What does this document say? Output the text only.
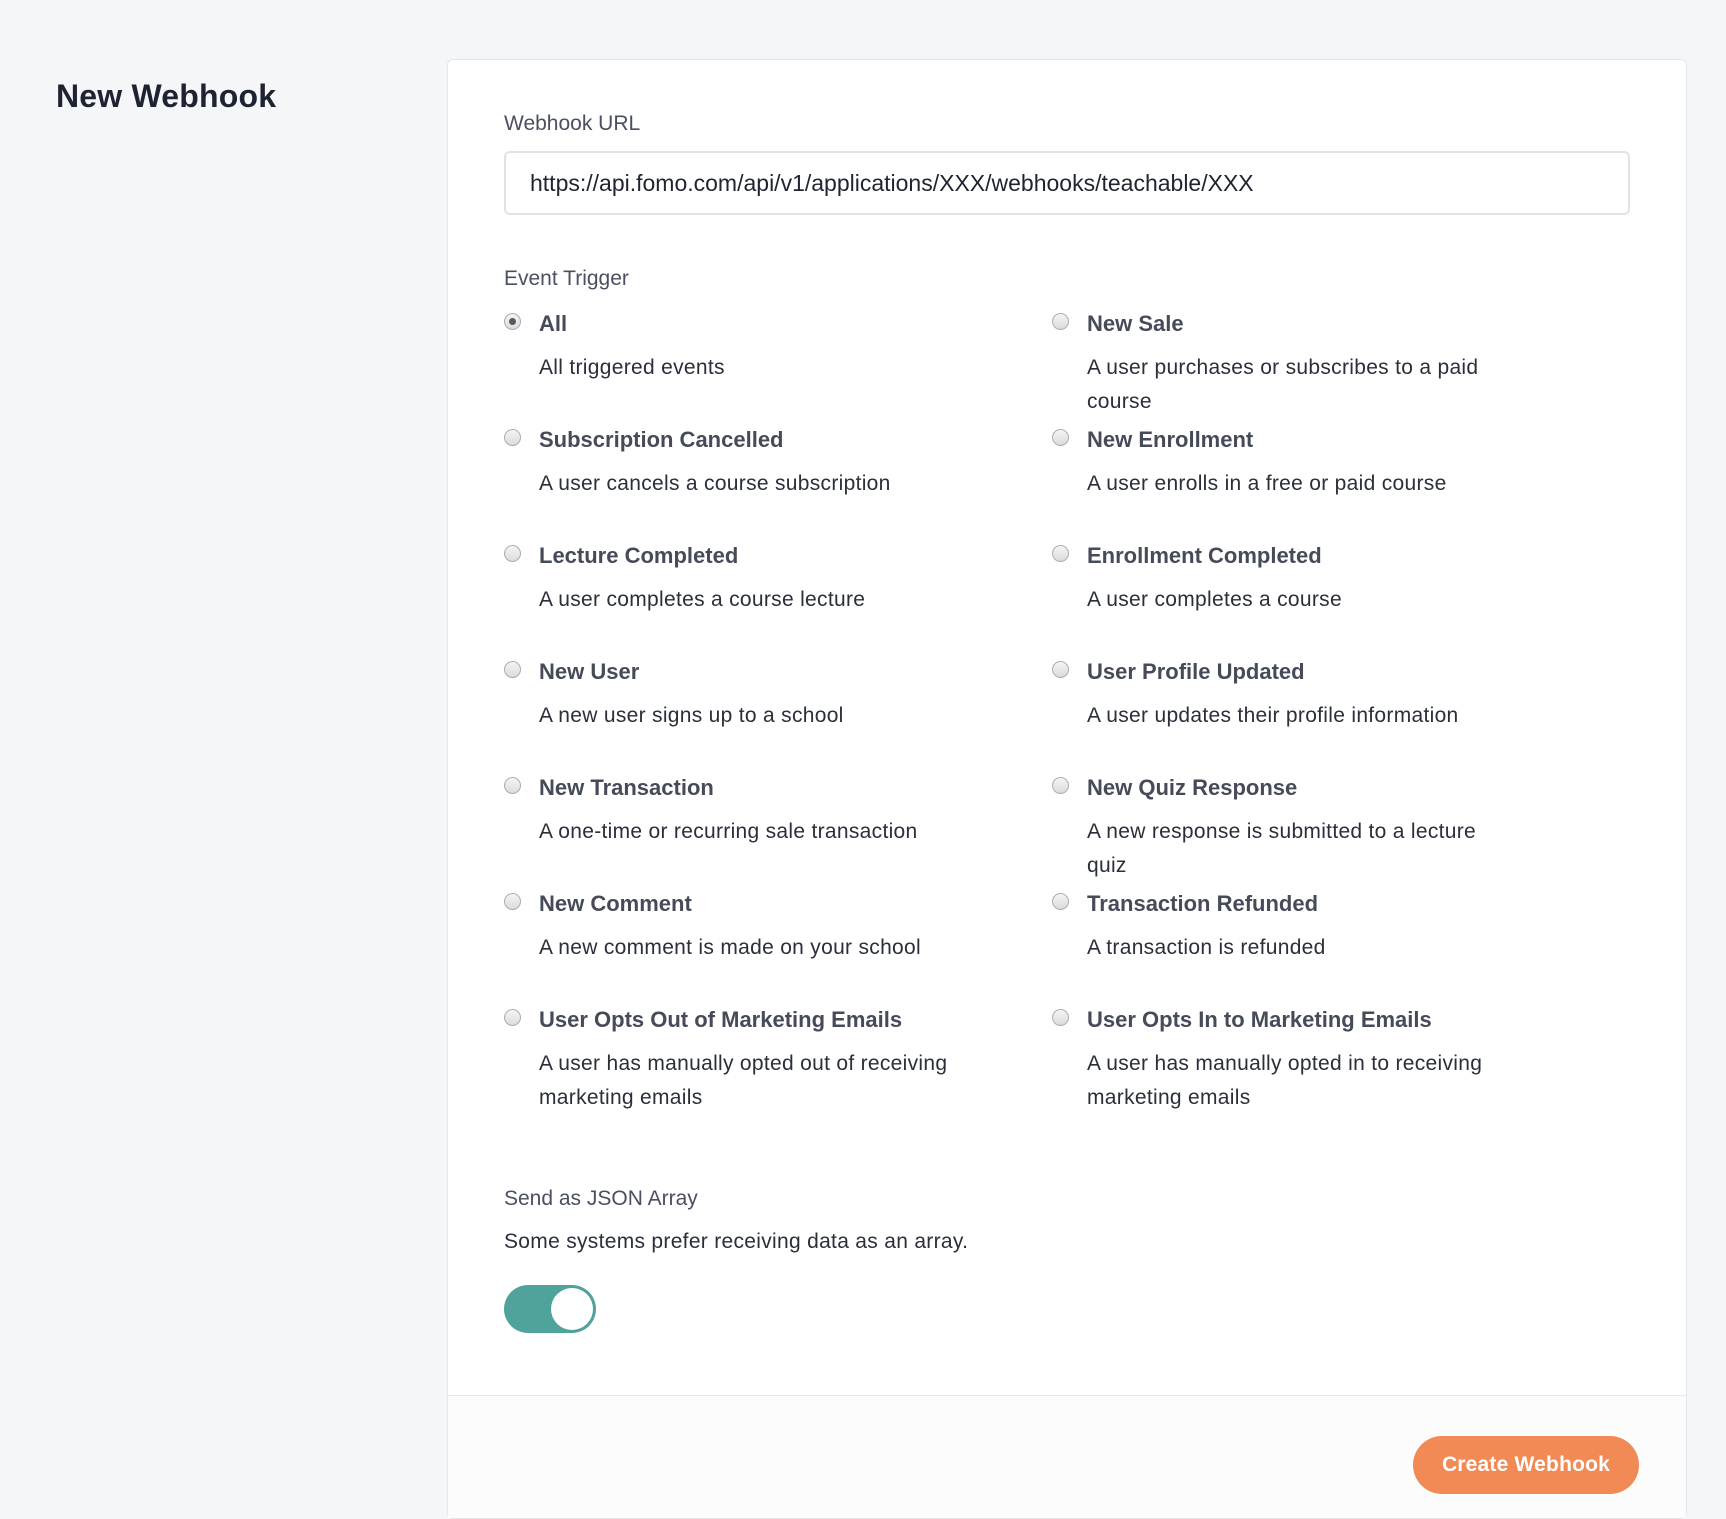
New Webhook
Webhook URL
https://api.fomo.com/api/v1/applications/XXX/webhooks/teachable/XXX
Event Trigger
All
All triggered events
New Sale
A user purchases or subscribes to a paid course
Subscription Cancelled
A user cancels a course subscription
New Enrollment
A user enrolls in a free or paid course
Lecture Completed
A user completes a course lecture
Enrollment Completed
A user completes a course
New User
A new user signs up to a school
User Profile Updated
A user updates their profile information
New Transaction
A one-time or recurring sale transaction
New Quiz Response
A new response is submitted to a lecture quiz
New Comment
A new comment is made on your school
Transaction Refunded
A transaction is refunded
User Opts Out of Marketing Emails
A user has manually opted out of receiving marketing emails
User Opts In to Marketing Emails
A user has manually opted in to receiving marketing emails
Send as JSON Array
Some systems prefer receiving data as an array.
Create Webhook
